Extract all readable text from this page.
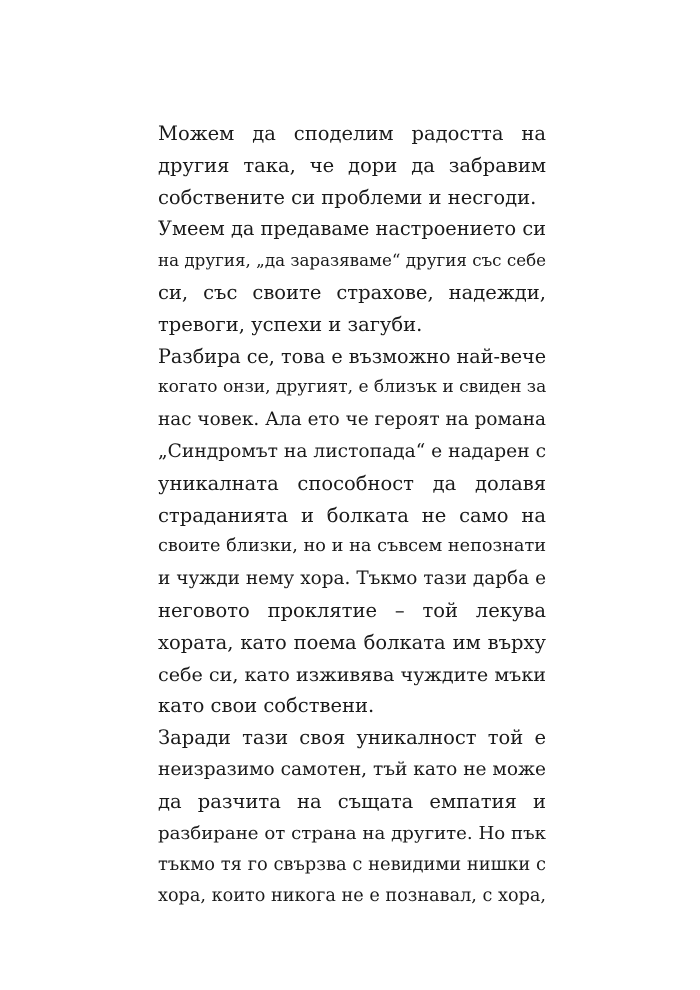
Можем да споделим радостта на
другия така, че дори да забравим
собствените си проблеми и несгоди.
Умеем да предаваме настроението си
на другия, „да заразяваме“ другия със себе
си, със своите страхове, надежди,
тревоги, успехи и загуби.
Разбира се, това е възможно най-вече
когато онзи, другият, е близък и свиден за
нас човек. Ала ето че героят на романа
„Синдромът на листопада“ е надарен с
уникалната способност да долавя
страданията и болката не само на
своите близки, но и на съвсем непознати
и чужди нему хора. Тъкмо тази дарба е
неговото проклятие – той лекува
хората, като поема болката им върху
себе си, като изживява чуждите мъки
като свои собствени.
Заради тази своя уникалност той е
неизразимо самотен, тъй като не може
да разчита на същата емпатия и
разбиране от страна на другите. Но пък
тъкмо тя го свързва с невидими нишки с
хора, които никога не е познавал, с хора,
